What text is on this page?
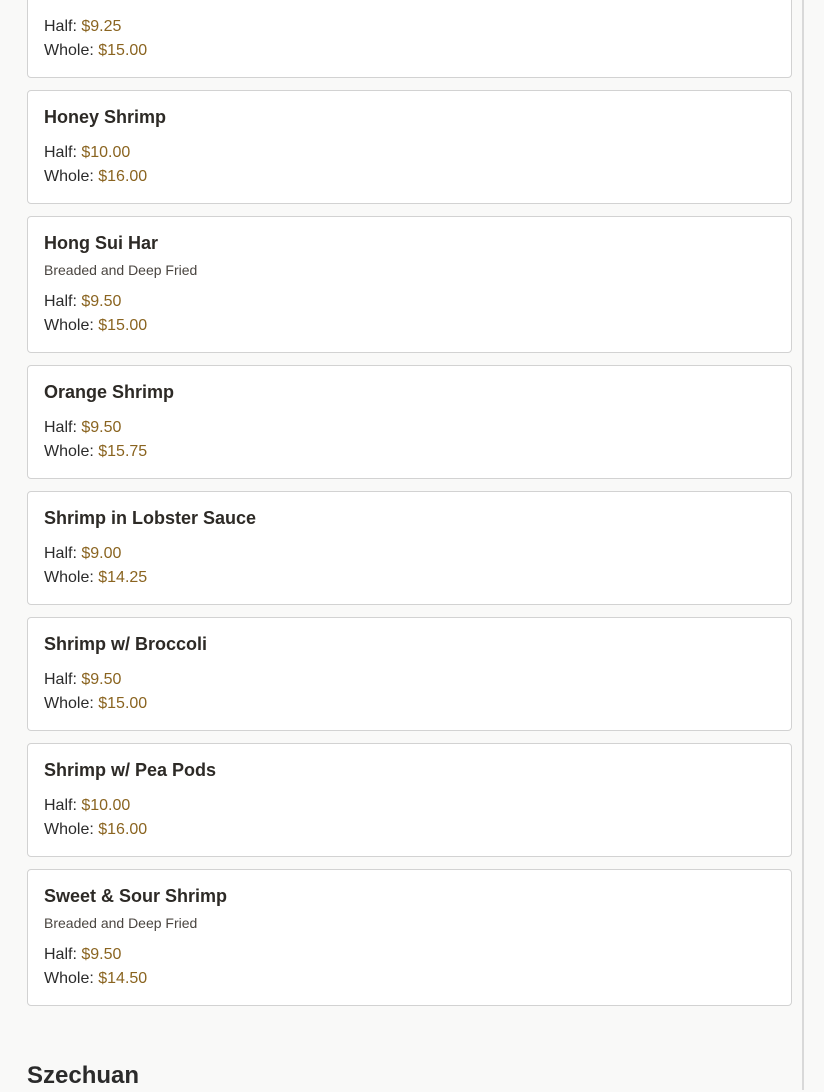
Half: $9.25
Whole: $15.00
Honey Shrimp
Half: $10.00
Whole: $16.00
Hong Sui Har
Breaded and Deep Fried
Half: $9.50
Whole: $15.00
Orange Shrimp
Half: $9.50
Whole: $15.75
Shrimp in Lobster Sauce
Half: $9.00
Whole: $14.25
Shrimp w/ Broccoli
Half: $9.50
Whole: $15.00
Shrimp w/ Pea Pods
Half: $10.00
Whole: $16.00
Sweet & Sour Shrimp
Breaded and Deep Fried
Half: $9.50
Whole: $14.50
Szechuan
